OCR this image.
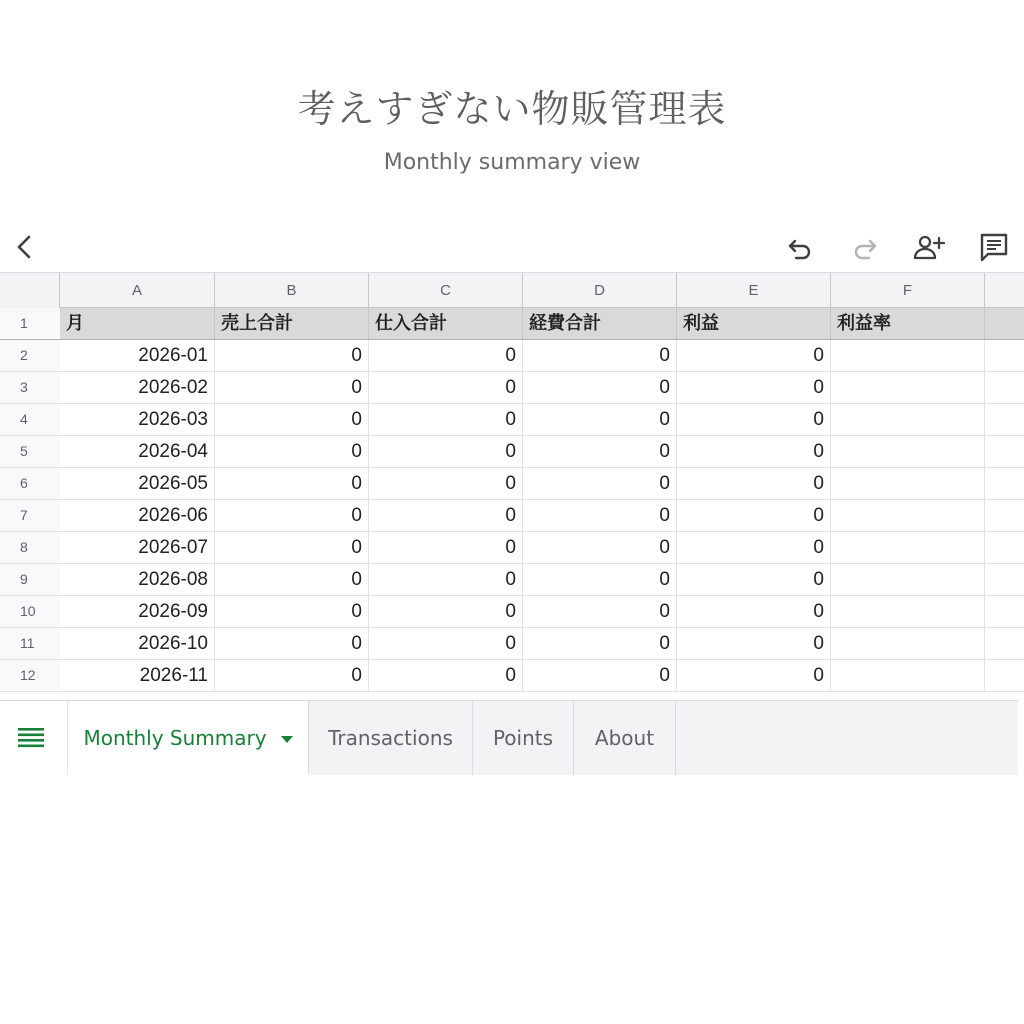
考えすぎない物販管理表
Monthly summary view
A	B	C	D	E	F
1	月	売上合計	仕入合計	経費合計	利益	利益率
2	2026-01	0	0	0	0
3	2026-02	0	0	0	0
4	2026-03	0	0	0	0
5	2026-04	0	0	0	0
6	2026-05	0	0	0	0
7	2026-06	0	0	0	0
8	2026-07	0	0	0	0
9	2026-08	0	0	0	0
10	2026-09	0	0	0	0
11	2026-10	0	0	0	0
12	2026-11	0	0	0	0
Monthly Summary	Transactions	Points	About
